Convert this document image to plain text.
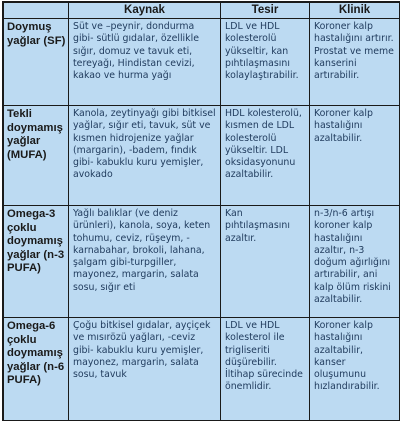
	Kaynak	Tesir	Klinik
Doymuş yağlar (SF)	Süt ve –peynir, dondurma gibi- sütlü gıdalar, özellikle sığır, domuz ve tavuk eti, tereyağı, Hindistan cevizi, kakao ve hurma yağı	LDL ve HDL kolesterolü yükseltir, kan pıhtılaşmasını kolaylaştırabilir.	Koroner kalp hastalığını artırır. Prostat ve meme kanserini artırabilir.
Tekli doymamış yağlar (MUFA)	Kanola, zeytinyağı gibi bitkisel yağlar, sığır eti, tavuk, süt ve kısmen hidrojenize yağlar (margarin), -badem, fındık gibi- kabuklu kuru yemişler, avokado	HDL kolesterolü, kısmen de LDL kolesterolü yükseltir. LDL oksidasyonunu azaltabilir.	Koroner kalp hastalığını azaltabilir.
Omega-3 çoklu doymamış yağlar (n-3 PUFA)	Yağlı balıklar (ve deniz ürünleri), kanola, soya, keten tohumu, ceviz, rüşeym, -karnabahar, brokoli, lahana, şalgam gibi-turpgiller, mayonez, margarin, salata sosu, sığır eti	Kan pıhtılaşmasını azaltır.	n-3/n-6 artışı koroner kalp hastalığını azaltır, n-3 doğum ağırlığını artırabilir, ani kalp ölüm riskini azaltabilir.
Omega-6 çoklu doymamış yağlar (n-6 PUFA)	Çoğu bitkisel gıdalar, ayçiçek ve mısırözü yağları, -ceviz gibi- kabuklu kuru yemişler, mayonez, margarin, salata sosu, tavuk	LDL ve HDL kolesterol ile trigliseriti düşürebilir. İltihap sürecinde önemlidir.	Koroner kalp hastalığını azaltabilir, kanser oluşumunu hızlandırabilir.
